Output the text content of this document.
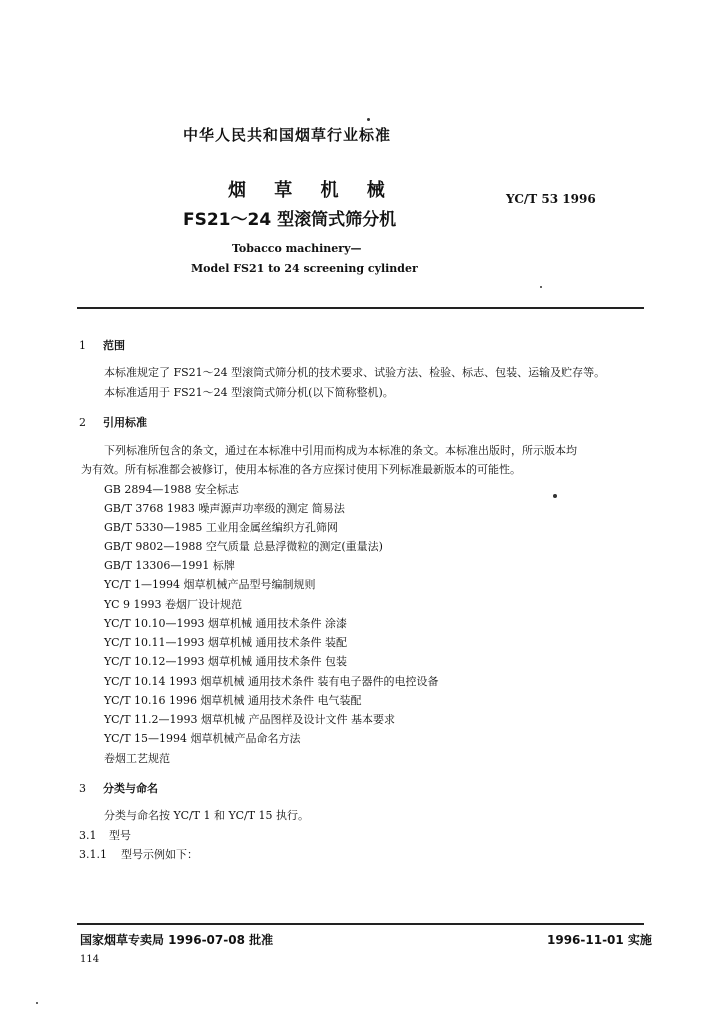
中华人民共和国烟草行业标准
烟 草 机 械
FS21～24 型滚筒式筛分机
YC/T 53 1996
Tobacco machinery—
Model FS21 to 24 screening cylinder
1 范围
本标准规定了 FS21～24 型滚筒式筛分机的技术要求、试验方法、检验、标志、包装、运输及贮存等。
本标准适用于 FS21～24 型滚筒式筛分机(以下简称整机)。
2 引用标准
下列标准所包含的条文，通过在本标准中引用而构成为本标准的条文。本标准出版时，所示版本均
为有效。所有标准都会被修订，使用本标准的各方应探讨使用下列标准最新版本的可能性。
GB 2894—1988 安全标志
GB/T 3768 1983 噪声源声功率级的测定 简易法
GB/T 5330—1985 工业用金属丝编织方孔筛网
GB/T 9802—1988 空气质量 总悬浮微粒的测定(重量法)
GB/T 13306—1991 标牌
YC/T 1—1994 烟草机械产品型号编制规则
YC 9 1993 卷烟厂设计规范
YC/T 10.10—1993 烟草机械 通用技术条件 涂漆
YC/T 10.11—1993 烟草机械 通用技术条件 装配
YC/T 10.12—1993 烟草机械 通用技术条件 包装
YC/T 10.14 1993 烟草机械 通用技术条件 装有电子器件的电控设备
YC/T 10.16 1996 烟草机械 通用技术条件 电气装配
YC/T 11.2—1993 烟草机械 产品图样及设计文件 基本要求
YC/T 15—1994 烟草机械产品命名方法
卷烟工艺规范
3 分类与命名
分类与命名按 YC/T 1 和 YC/T 15 执行。
3.1 型号
3.1.1 型号示例如下：
国家烟草专卖局 1996-07-08 批准	1996-11-01 实施
114
